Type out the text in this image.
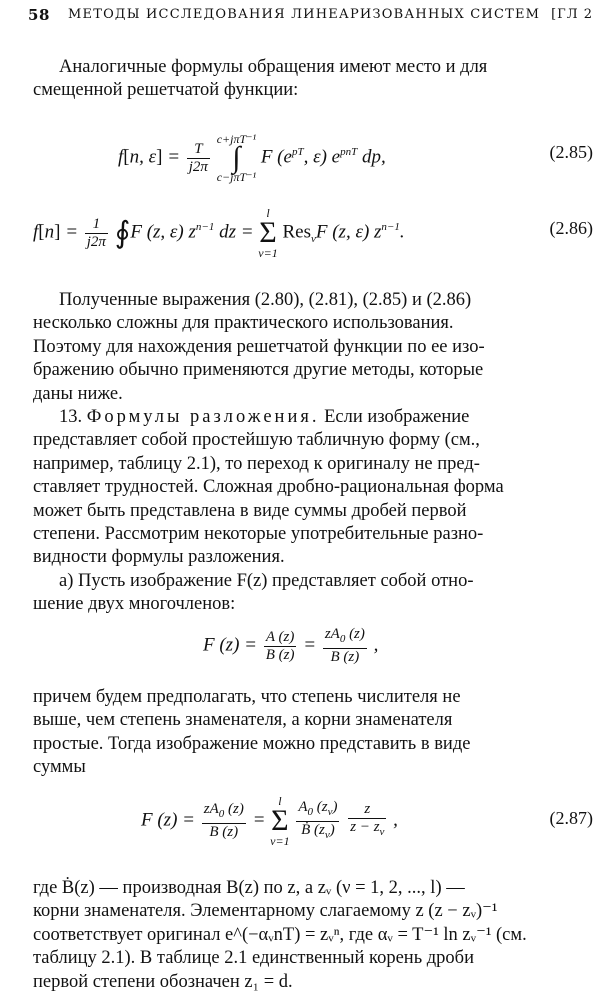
58 МЕТОДЫ ИССЛЕДОВАНИЯ ЛИНЕАРИЗОВАННЫХ СИСТЕМ [ГЛ 2
Аналогичные формулы обращения имеют место и для
смещенной решетчатой функции:
f[n, $\varepsilon] = \frac{T}{j2\pi}$

c+jπT⁻¹
∫
c−jπT⁻¹
F ($e^{pT}$, ε) $e^{pnT}$ dp,	(2.85)
$f[n] = \frac{1}{j2\pi}$ ∮F (z, ε) $z^{n-1}$ dz =
l
Σ
ν=1
Res$_\nu$F (z, ε) $z^{n-1}$.	(2.86)
Полученные выражения (2.80), (2.81), (2.85) и (2.86)
несколько сложны для практического использования.
Поэтому для нахождения решетчатой функции по ее изо-
бражению обычно применяются другие методы, которые
даны ниже.
13. Формулы разложения. Если изображение
представляет собой простейшую табличную форму (см.,
например, таблицу 2.1), то переход к оригиналу не пред-
ставляет трудностей. Сложная дробно-рациональная форма
может быть представлена в виде суммы дробей первой
степени. Рассмотрим некоторые употребительные разно-
видности формулы разложения.
а) Пусть изображение F(z) представляет собой отно-
шение двух многочленов:
F $(z) = \frac{A (z)}{B (z)} = \frac{zA_0 (z)}{B (z)}$ ,
причем будем предполагать, что степень числителя не
выше, чем степень знаменателя, а корни знаменателя
простые. Тогда изображение можно представить в виде
суммы
F $(z) = \frac{zA_0 (z)}{B (z)}$ =
l
Σ
ν=1
$\frac{A_0 (z_\nu)}{Ḃ (z_\nu)}$
$\frac{z}{z - z_\nu}$ ,	(2.87)
где Ḃ(z) — производная B(z) по z, а zᵥ (ν = 1, 2, ..., l) —
корни знаменателя. Элементарному слагаемому z (z − zᵥ)⁻¹
соответствует оригинал e^(−αᵥnT) = zᵥⁿ, где αᵥ = T⁻¹ ln zᵥ⁻¹ (см.
таблицу 2.1). В таблице 2.1 единственный корень дроби
первой степени обозначен z₁ = d.
